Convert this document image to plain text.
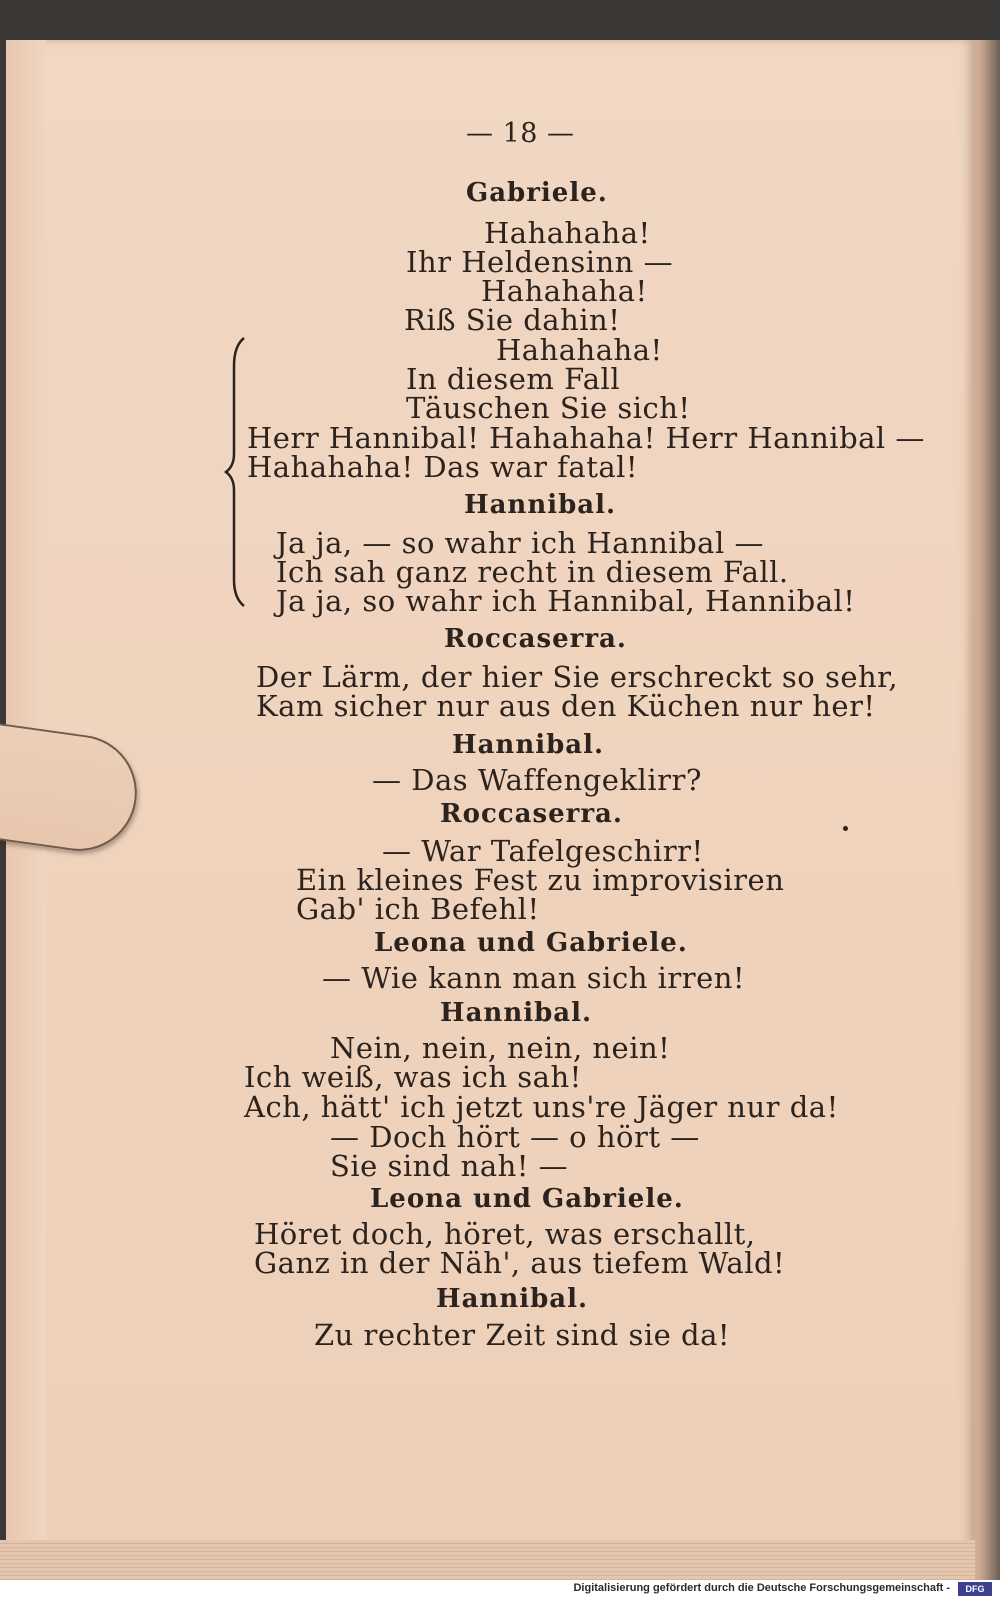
— 18 —
Gabriele.
Hahahaha!
Ihr Heldensinn —
Hahahaha!
Riß Sie dahin!
Hahahaha!
In diesem Fall
Täuschen Sie sich!
Herr Hannibal! Hahahaha! Herr Hannibal —
Hahahaha! Das war fatal!
Hannibal.
Ja ja, — so wahr ich Hannibal —
Ich sah ganz recht in diesem Fall.
Ja ja, so wahr ich Hannibal, Hannibal!
Roccaserra.
Der Lärm, der hier Sie erschreckt so sehr,
Kam sicher nur aus den Küchen nur her!
Hannibal.
— Das Waffengeklirr?
Roccaserra.
— War Tafelgeschirr!
Ein kleines Fest zu improvisiren
Gab' ich Befehl!
Leona und Gabriele.
— Wie kann man sich irren!
Hannibal.
Nein, nein, nein, nein!
Ich weiß, was ich sah!
Ach, hätt' ich jetzt uns're Jäger nur da!
— Doch hört — o hört —
Sie sind nah! —
Leona und Gabriele.
Höret doch, höret, was erschallt,
Ganz in der Näh', aus tiefem Wald!
Hannibal.
Zu rechter Zeit sind sie da!
Digitalisierung gefördert durch die Deutsche Forschungsgemeinschaft -	DFG
